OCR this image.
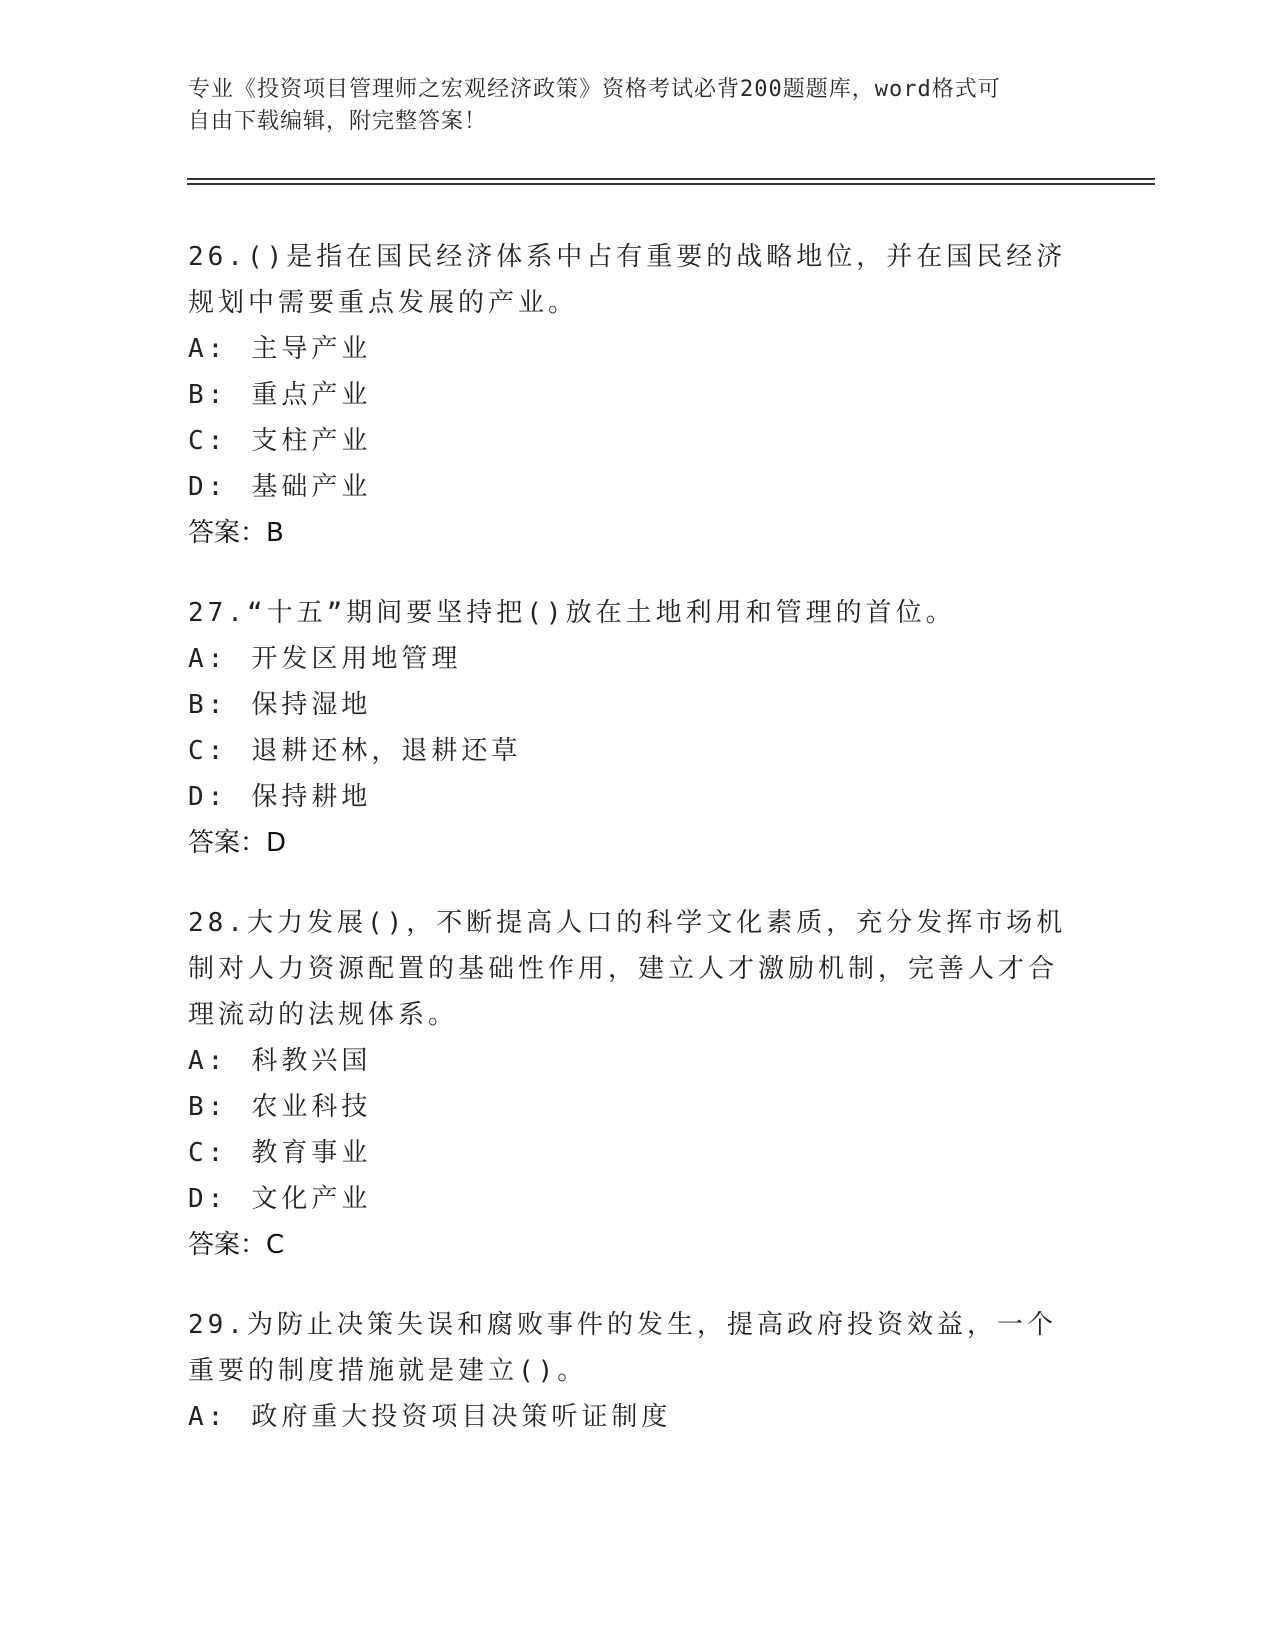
专业《投资项目管理师之宏观经济政策》资格考试必背200题题库，word格式可
自由下载编辑，附完整答案！

26.()是指在国民经济体系中占有重要的战略地位，并在国民经济规划中需要重点发展的产业。

A: 主导产业

B: 重点产业

C: 支柱产业

D: 基础产业

答案：B

27.“十五”期间要坚持把()放在土地利用和管理的首位。

A: 开发区用地管理

B: 保持湿地

C: 退耕还林，退耕还草

D: 保持耕地

答案：D

28.大力发展()，不断提高人口的科学文化素质，充分发挥市场机制对人力资源配置的基础性作用，建立人才激励机制，完善人才合理流动的法规体系。

A: 科教兴国

B: 农业科技

C: 教育事业

D: 文化产业

答案：C

29.为防止决策失误和腐败事件的发生，提高政府投资效益，一个重要的制度措施就是建立()。

A: 政府重大投资项目决策听证制度
